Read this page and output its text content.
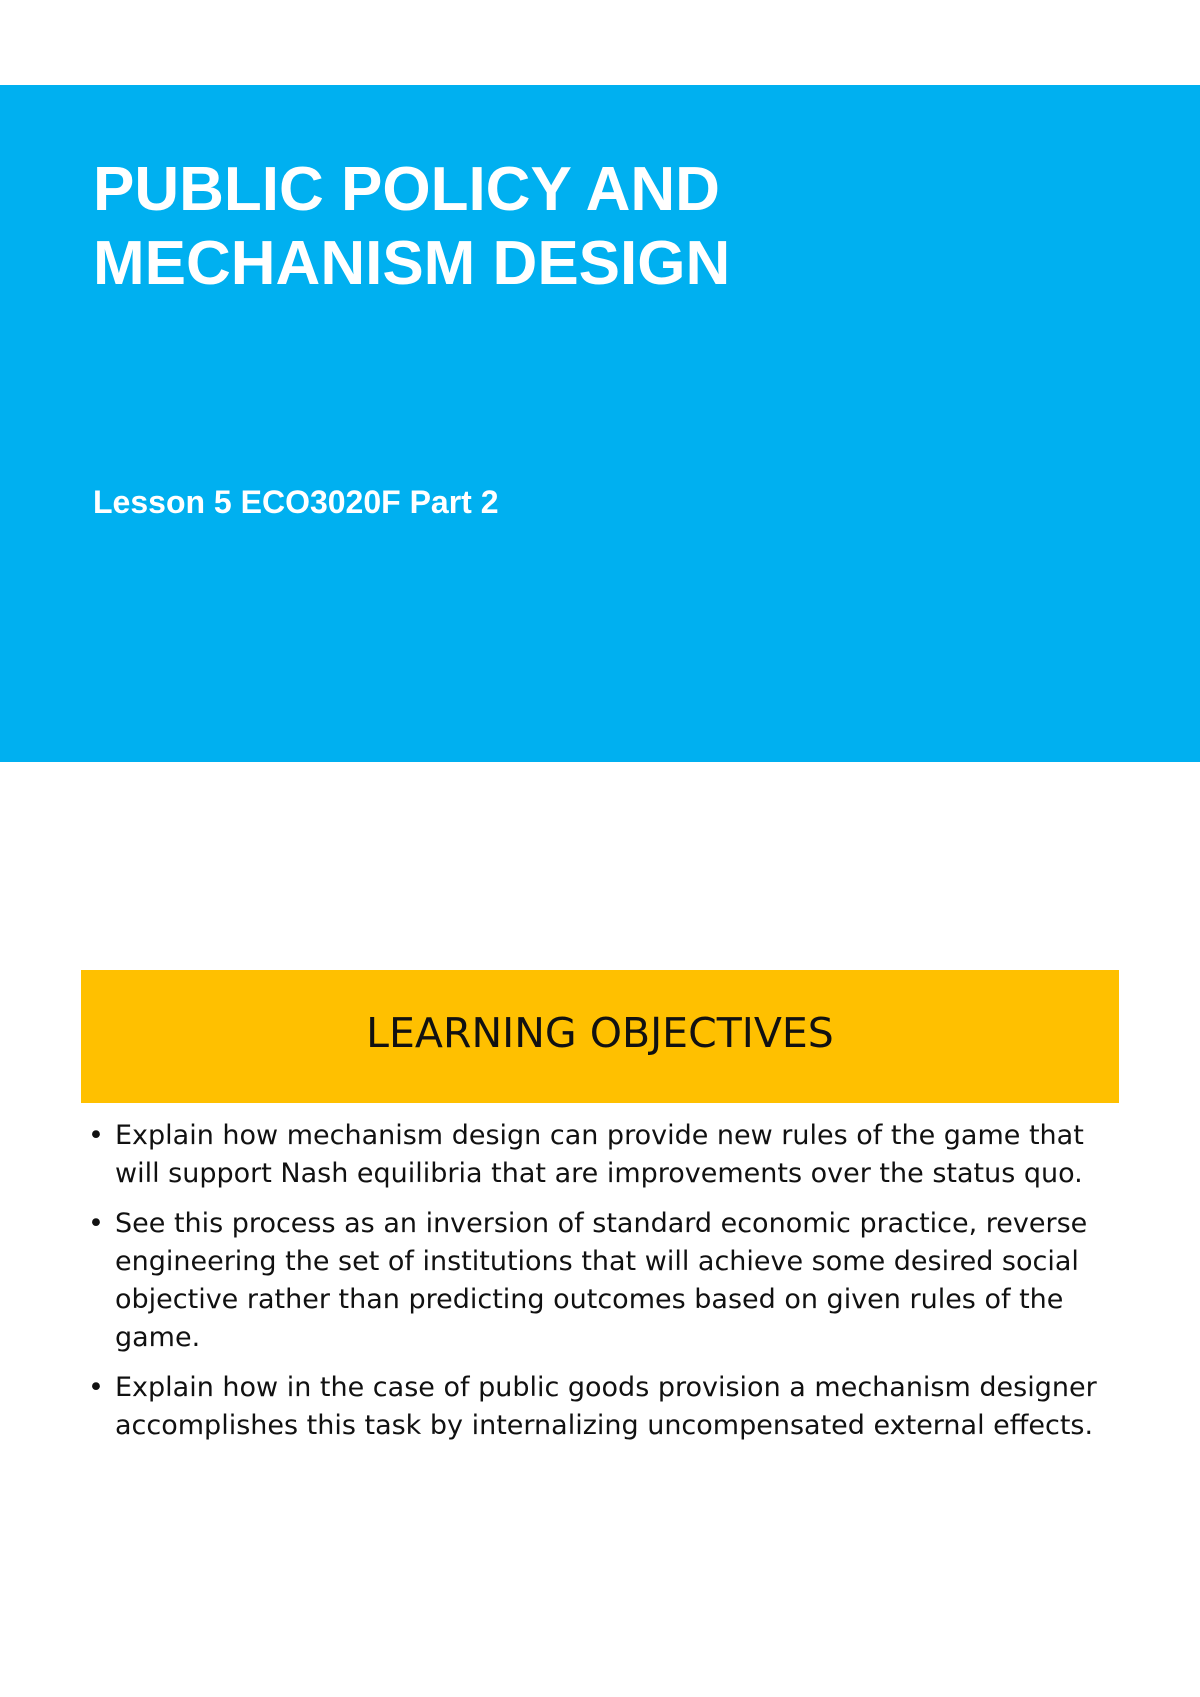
PUBLIC POLICY AND
MECHANISM DESIGN

Lesson 5 ECO3020F Part 2

LEARNING OBJECTIVES
• Explain how mechanism design can provide new rules of the game that will support Nash equilibria that are improvements over the status quo.
• See this process as an inversion of standard economic practice, reverse engineering the set of institutions that will achieve some desired social objective rather than predicting outcomes based on given rules of the game.
• Explain how in the case of public goods provision a mechanism designer accomplishes this task by internalizing uncompensated external effects.
